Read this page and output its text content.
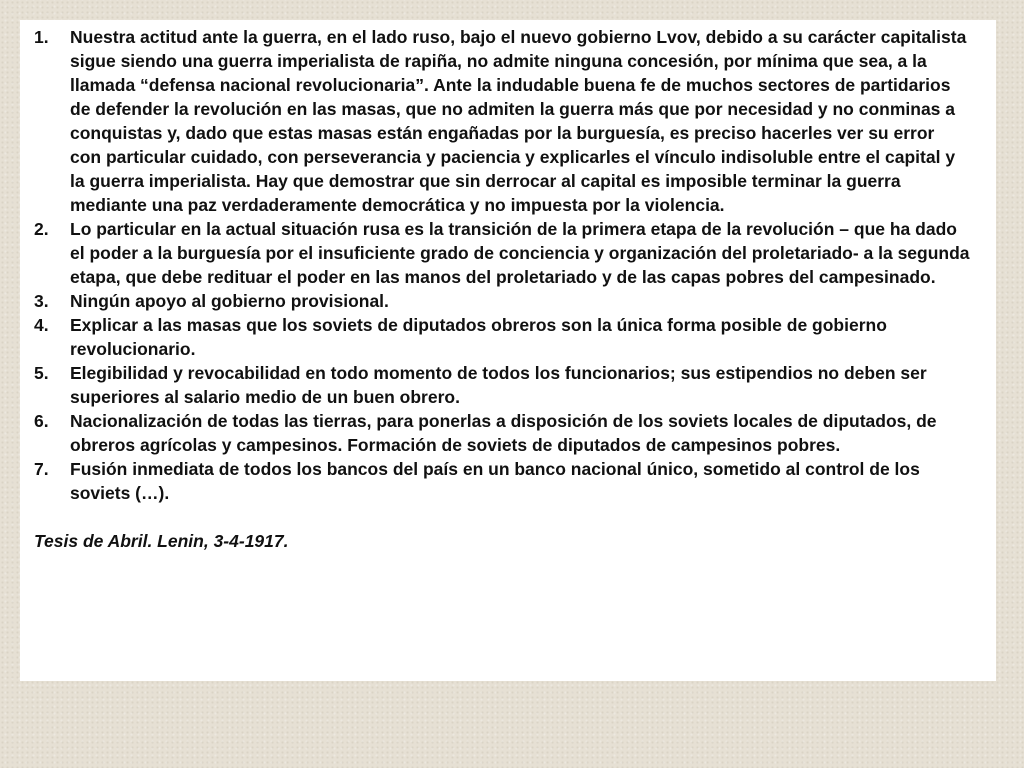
1.	Nuestra actitud ante la guerra, en el lado ruso, bajo el nuevo gobierno Lvov, debido a su carácter capitalista sigue siendo una guerra imperialista de rapiña, no admite ninguna concesión, por mínima que sea, a la llamada “defensa nacional revolucionaria”. Ante la indudable buena fe de muchos sectores de partidarios de defender la revolución en las masas, que no admiten la guerra más que por necesidad y no conminas a conquistas y, dado que estas masas están engañadas por la burguesía, es preciso hacerles ver su error con particular cuidado, con perseverancia y paciencia y explicarles el vínculo indisoluble entre el capital y la guerra imperialista. Hay que demostrar que sin derrocar al capital es imposible terminar la guerra mediante una paz verdaderamente democrática y no impuesta por la violencia.
2.	Lo particular en la actual situación rusa es la transición de la primera etapa de la revolución – que ha dado el poder a la burguesía por el insuficiente grado de conciencia y organización del proletariado- a la segunda etapa, que debe redituar el poder en las manos del proletariado y de las capas pobres del campesinado.
3.	Ningún apoyo al gobierno provisional.
4.	Explicar a las masas que los soviets de diputados obreros son la única forma posible de gobierno revolucionario.
5.	Elegibilidad y revocabilidad en todo momento de todos los funcionarios; sus estipendios no deben ser superiores al salario medio de un buen obrero.
6.	Nacionalización de todas las tierras, para ponerlas a disposición de los soviets locales de diputados, de obreros agrícolas y campesinos. Formación de soviets de diputados de campesinos pobres.
7.	Fusión inmediata de todos los bancos del país en un banco nacional único, sometido al control de los soviets (…).

Tesis de Abril. Lenin, 3-4-1917.
